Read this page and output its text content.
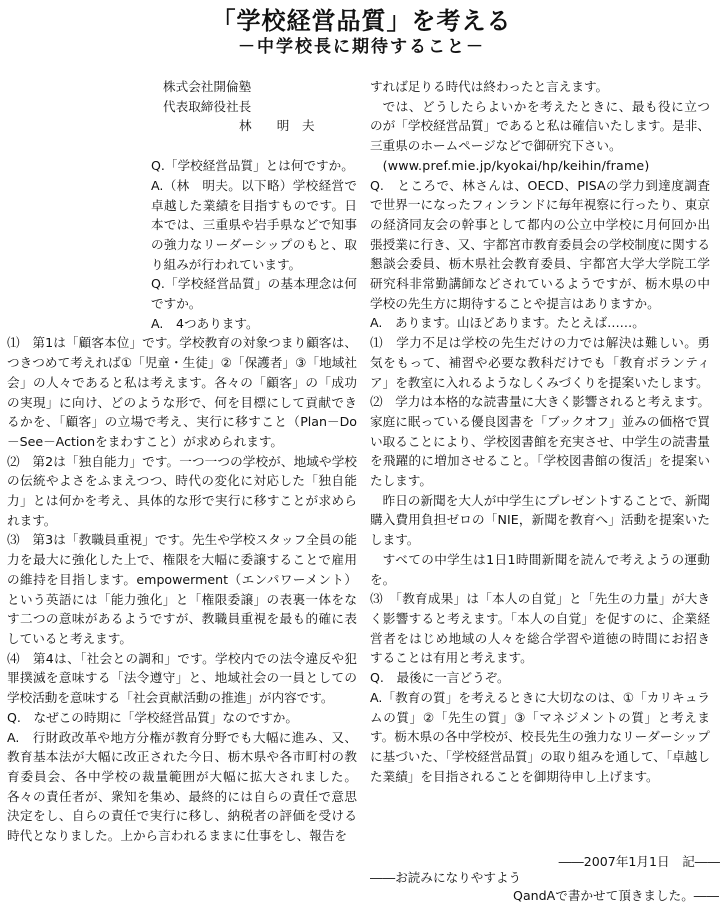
「学校経営品質」を考える
－中学校長に期待すること－

株式会社開倫塾

代表取締役社長

林　　明　夫

Q.「学校経営品質」とは何ですか。

A.（林　明夫。以下略）学校経営で卓越した業績を目指すものです。日本では、三重県や岩手県などで知事の強力なリーダーシップのもと、取り組みが行われています。

Q.「学校経営品質」の基本理念は何ですか。

A.　4つあります。

⑴　第1は「顧客本位」です。学校教育の対象つまり顧客は、つきつめて考えれば①「児童・生徒」②「保護者」③「地域社会」の人々であると私は考えます。各々の「顧客」の「成功の実現」に向け、どのような形で、何を目標にして貢献できるかを、「顧客」の立場で考え、実行に移すこと（Plan－Do－See－Actionをまわすこと）が求められます。

⑵　第2は「独自能力」です。一つ一つの学校が、地域や学校の伝統やよさをふまえつつ、時代の変化に対応した「独自能力」とは何かを考え、具体的な形で実行に移すことが求められます。

⑶　第3は「教職員重視」です。先生や学校スタッフ全員の能力を最大に強化した上で、権限を大幅に委譲することで雇用の維持を目指します。empowerment（エンパワーメント）という英語には「能力強化」と「権限委譲」の表裏一体をなす二つの意味があるようですが、教職員重視を最も的確に表していると考えます。

⑷　第4は、「社会との調和」です。学校内での法令違反や犯罪撲滅を意味する「法令遵守」と、地域社会の一員としての学校活動を意味する「社会貢献活動の推進」が内容です。

Q.　なぜこの時期に「学校経営品質」なのですか。

A.　行財政改革や地方分権が教育分野でも大幅に進み、又、教育基本法が大幅に改正された今日、栃木県や各市町村の教育委員会、各中学校の裁量範囲が大幅に拡大されました。各々の責任者が、衆知を集め、最終的には自らの責任で意思決定をし、自らの責任で実行に移し、納税者の評価を受ける時代となりました。上から言われるままに仕事をし、報告を

すれば足りる時代は終わったと言えます。

では、どうしたらよいかを考えたときに、最も役に立つのが「学校経営品質」であると私は確信いたします。是非、三重県のホームページなどで御研究下さい。

(www.pref.mie.jp/kyokai/hp/keihin/frame)

Q.　ところで、林さんは、OECD、PISAの学力到達度調査で世界一になったフィンランドに毎年視察に行ったり、東京の経済同友会の幹事として都内の公立中学校に月何回か出張授業に行き、又、宇都宮市教育委員会の学校制度に関する懇談会委員、栃木県社会教育委員、宇都宮大学大学院工学研究科非常勤講師などされているようですが、栃木県の中学校の先生方に期待することや提言はありますか。

A.　あります。山ほどあります。たとえば……。

⑴　学力不足は学校の先生だけの力では解決は難しい。勇気をもって、補習や必要な教科だけでも「教育ボランティア」を教室に入れるようなしくみづくりを提案いたします。

⑵　学力は本格的な読書量に大きく影響されると考えます。家庭に眠っている優良図書を「ブックオフ」並みの価格で買い取ることにより、学校図書館を充実させ、中学生の読書量を飛躍的に増加させること。「学校図書館の復活」を提案いたします。

昨日の新聞を大人が中学生にプレゼントすることで、新聞購入費用負担ゼロの「NIE，新聞を教育へ」活動を提案いたします。

すべての中学生は1日1時間新聞を読んで考えようの運動を。

⑶　「教育成果」は「本人の自覚」と「先生の力量」が大きく影響すると考えます。「本人の自覚」を促すのに、企業経営者をはじめ地域の人々を総合学習や道徳の時間にお招きすることは有用と考えます。

Q.　最後に一言どうぞ。

A.「教育の質」を考えるときに大切なのは、①「カリキュラムの質」②「先生の質」③「マネジメントの質」と考えます。栃木県の各中学校が、校長先生の強力なリーダーシップに基づいた、「学校経営品質」の取り組みを通して、「卓越した業績」を目指されることを御期待申し上げます。

――2007年1月1日　記――
――お読みになりやすよう
QandAで書かせて頂きました。――
